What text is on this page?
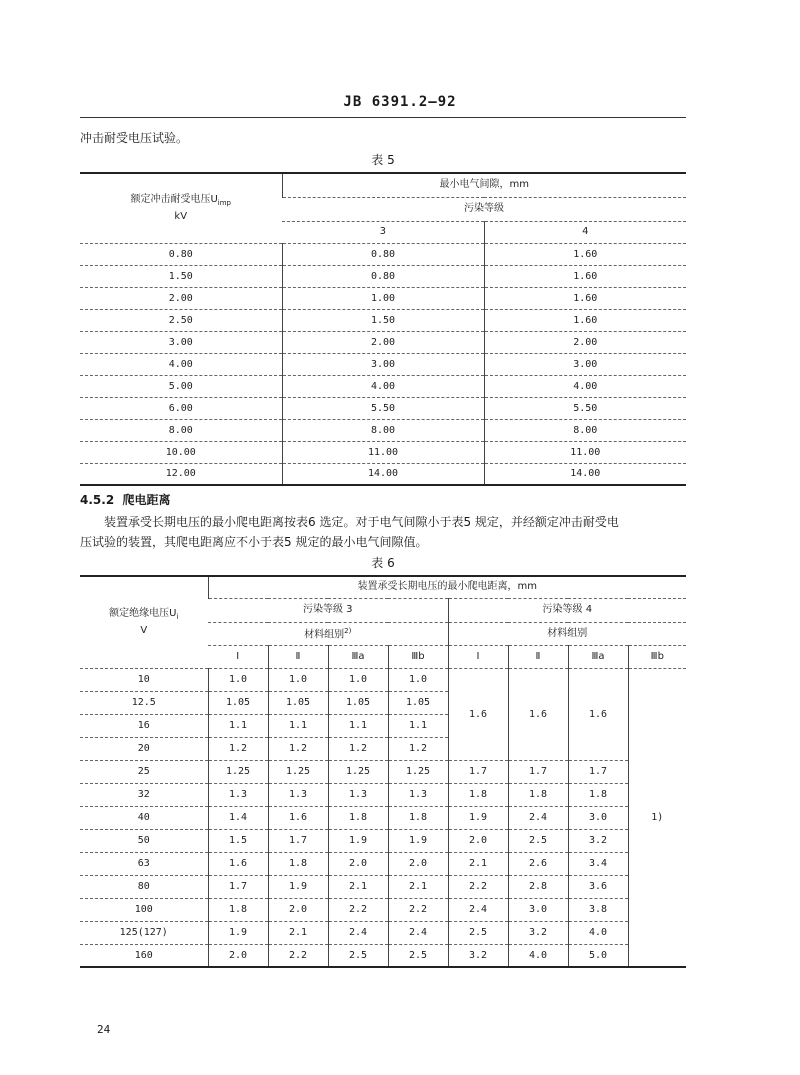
JB 6391.2—92
冲击耐受电压试验。
表 5
额定冲击耐受电压$U_{imp}$
kV	最小电气间隙，mm	
	污染等级	
	3	4
0.80	0.80	1.60
1.50	0.80	1.60
2.00	1.00	1.60
2.50	1.50	1.60
3.00	2.00	2.00
4.00	3.00	3.00
5.00	4.00	4.00
6.00	5.50	5.50
8.00	8.00	8.00
10.00	11.00	11.00
12.00	14.00	14.00
4.5.2 爬电距离
装置承受长期电压的最小爬电距离按表6 选定。对于电气间隙小于表5 规定，并经额定冲击耐受电
压试验的装置，其爬电距离应不小于表5 规定的最小电气间隙值。
表 6
额定绝缘电压$U_i$
V	装置承受长期电压的最小爬电距离，mm							
	污染等级 3				污染等级 4			
	材料组别$^{2)}$				材料组别			
	Ⅰ	Ⅱ	Ⅲa	Ⅲb	Ⅰ	Ⅱ	Ⅲa	Ⅲb
10	1.0	1.0	1.0	1.0	1.6	1.6	1.6	1)
12.5	1.05	1.05	1.05	1.05				
16	1.1	1.1	1.1	1.1				
20	1.2	1.2	1.2	1.2				
25	1.25	1.25	1.25	1.25	1.7	1.7	1.7	
32	1.3	1.3	1.3	1.3	1.8	1.8	1.8	
40	1.4	1.6	1.8	1.8	1.9	2.4	3.0	
50	1.5	1.7	1.9	1.9	2.0	2.5	3.2	
63	1.6	1.8	2.0	2.0	2.1	2.6	3.4	
80	1.7	1.9	2.1	2.1	2.2	2.8	3.6	
100	1.8	2.0	2.2	2.2	2.4	3.0	3.8	
125(127)	1.9	2.1	2.4	2.4	2.5	3.2	4.0	
160	2.0	2.2	2.5	2.5	3.2	4.0	5.0	
24
